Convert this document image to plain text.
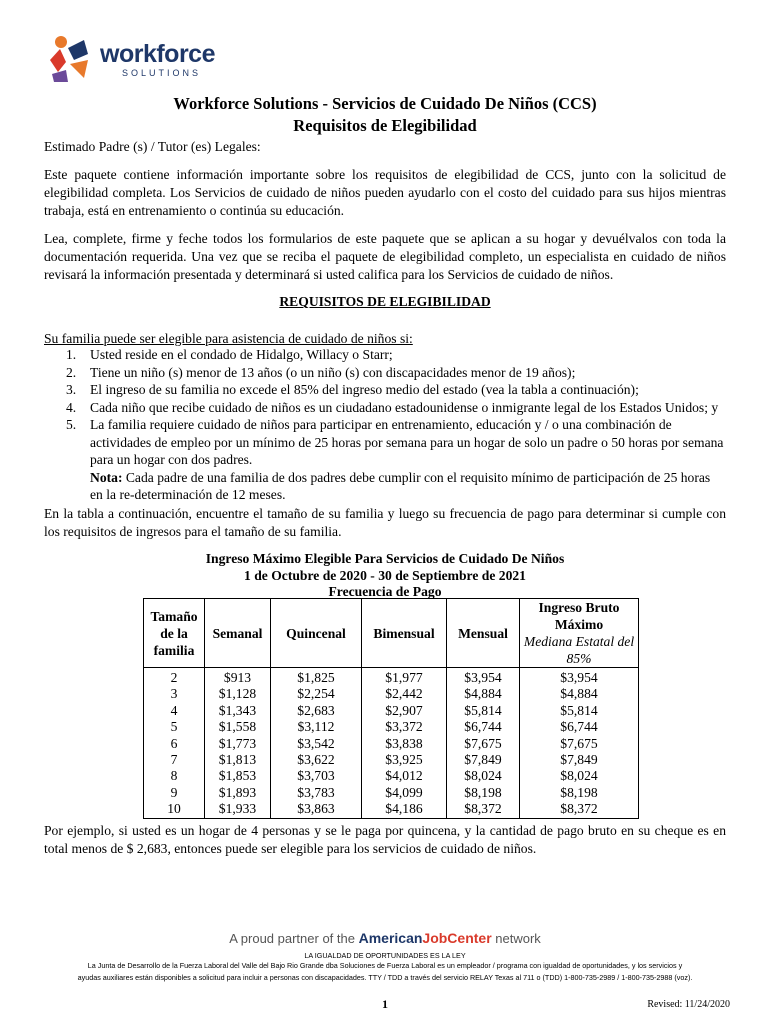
workforce
SOLUTIONS
Workforce Solutions - Servicios de Cuidado De Niños (CCS)
Requisitos de Elegibilidad

Estimado Padre (s) / Tutor (es) Legales:

Este paquete contiene información importante sobre los requisitos de elegibilidad de CCS, junto con la solicitud de elegibilidad completa. Los Servicios de cuidado de niños pueden ayudarlo con el costo del cuidado para sus hijos mientras trabaja, está en entrenamiento o continúa su educación.

Lea, complete, firme y feche todos los formularios de este paquete que se aplican a su hogar y devuélvalos con toda la documentación requerida. Una vez que se reciba el paquete de elegibilidad completo, un especialista en cuidado de niños revisará la información presentada y determinará si usted califica para los Servicios de cuidado de niños.

REQUISITOS DE ELEGIBILIDAD
Su familia puede ser elegible para asistencia de cuidado de niños si:
1. Usted reside en el condado de Hidalgo, Willacy o Starr;
2. Tiene un niño (s) menor de 13 años (o un niño (s) con discapacidades menor de 19 años);
3. El ingreso de su familia no excede el 85% del ingreso medio del estado (vea la tabla a continuación);
4. Cada niño que recibe cuidado de niños es un ciudadano estadounidense o inmigrante legal de los Estados Unidos; y
5. La familia requiere cuidado de niños para participar en entrenamiento, educación y / o una combinación de actividades de empleo por un mínimo de 25 horas por semana para un hogar de solo un padre o 50 horas por semana para un hogar con dos padres.
Nota: Cada padre de una familia de dos padres debe cumplir con el requisito mínimo de participación de 25 horas en la re-determinación de 12 meses.

En la tabla a continuación, encuentre el tamaño de su familia y luego su frecuencia de pago para determinar si cumple con los requisitos de ingresos para el tamaño de su familia.

Ingreso Máximo Elegible Para Servicios de Cuidado De Niños
1 de Octubre de 2020 - 30 de Septiembre de 2021
Frecuencia de Pago
Tamaño de la familia	Semanal	Quincenal	Bimensual	Mensual	Ingreso Bruto Máximo
Mediana Estatal del 85%

2	$913	$1,825	$1,977	$3,954	$3,954
3	$1,128	$2,254	$2,442	$4,884	$4,884
4	$1,343	$2,683	$2,907	$5,814	$5,814
5	$1,558	$3,112	$3,372	$6,744	$6,744
6	$1,773	$3,542	$3,838	$7,675	$7,675
7	$1,813	$3,622	$3,925	$7,849	$7,849
8	$1,853	$3,703	$4,012	$8,024	$8,024
9	$1,893	$3,783	$4,099	$8,198	$8,198
10	$1,933	$3,863	$4,186	$8,372	$8,372

Por ejemplo, si usted es un hogar de 4 personas y se le paga por quincena, y la cantidad de pago bruto en su cheque es en total menos de $ 2,683, entonces puede ser elegible para los servicios de cuidado de niños.

A proud partner of the AmericanJobCenter network
LA IGUALDAD DE OPORTUNIDADES ES LA LEY
La Junta de Desarrollo de la Fuerza Laboral del Valle del Bajo Rio Grande dba Soluciones de Fuerza Laboral es un empleador / programa con igualdad de oportunidades, y los servicios y
ayudas auxiliares están disponibles a solicitud para incluir a personas con discapacidades. TTY / TDD a través del servicio RELAY Texas al 711 o (TDD) 1-800-735-2989 / 1-800-735-2988 (voz).
1	Revised: 11/24/2020
